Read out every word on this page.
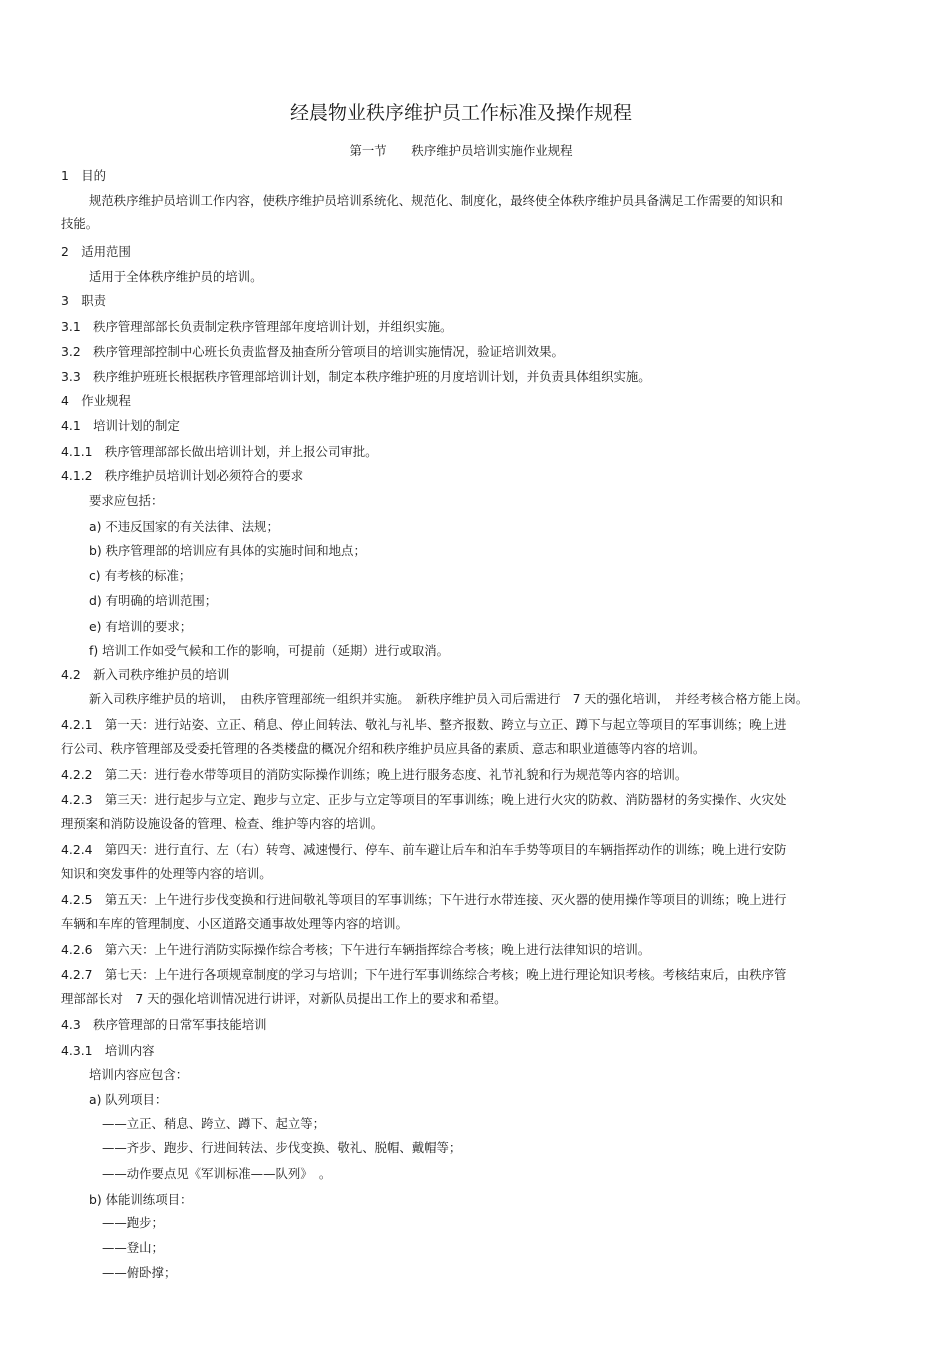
经晨物业秩序维护员工作标准及操作规程
第一节　　秩序维护员培训实施作业规程
1　目的
规范秩序维护员培训工作内容，使秩序维护员培训系统化、规范化、制度化，最终使全体秩序维护员具备满足工作需要的知识和
技能。
2　适用范围
适用于全体秩序维护员的培训。
3　职责
3.1　秩序管理部部长负责制定秩序管理部年度培训计划，并组织实施。
3.2　秩序管理部控制中心班长负责监督及抽查所分管项目的培训实施情况，验证培训效果。
3.3　秩序维护班班长根据秩序管理部培训计划，制定本秩序维护班的月度培训计划，并负责具体组织实施。
4　作业规程
4.1　培训计划的制定
4.1.1　秩序管理部部长做出培训计划，并上报公司审批。
4.1.2　秩序维护员培训计划必须符合的要求
要求应包括：
a) 不违反国家的有关法律、法规；
b) 秩序管理部的培训应有具体的实施时间和地点；
c) 有考核的标准；
d) 有明确的培训范围；
e) 有培训的要求；
f) 培训工作如受气候和工作的影响，可提前（延期）进行或取消。
4.2　新入司秩序维护员的培训
新入司秩序维护员的培训，　由秩序管理部统一组织并实施。　新秩序维护员入司后需进行　7 天的强化培训，　并经考核合格方能上岗。
4.2.1　第一天：进行站姿、立正、稍息、停止间转法、敬礼与礼毕、整齐报数、跨立与立正、蹲下与起立等项目的军事训练；晚上进
行公司、秩序管理部及受委托管理的各类楼盘的概况介绍和秩序维护员应具备的素质、意志和职业道德等内容的培训。
4.2.2　第二天：进行卷水带等项目的消防实际操作训练；晚上进行服务态度、礼节礼貌和行为规范等内容的培训。
4.2.3　第三天：进行起步与立定、跑步与立定、正步与立定等项目的军事训练；晚上进行火灾的防救、消防器材的务实操作、火灾处
理预案和消防设施设备的管理、检查、维护等内容的培训。
4.2.4　第四天：进行直行、左（右）转弯、减速慢行、停车、前车避让后车和泊车手势等项目的车辆指挥动作的训练；晚上进行安防
知识和突发事件的处理等内容的培训。
4.2.5　第五天：上午进行步伐变换和行进间敬礼等项目的军事训练；下午进行水带连接、灭火器的使用操作等项目的训练；晚上进行
车辆和车库的管理制度、小区道路交通事故处理等内容的培训。
4.2.6　第六天：上午进行消防实际操作综合考核；下午进行车辆指挥综合考核；晚上进行法律知识的培训。
4.2.7　第七天：上午进行各项规章制度的学习与培训；下午进行军事训练综合考核；晚上进行理论知识考核。考核结束后，由秩序管
理部部长对　7 天的强化培训情况进行讲评，对新队员提出工作上的要求和希望。
4.3　秩序管理部的日常军事技能培训
4.3.1　培训内容
培训内容应包含：
a) 队列项目：
——立正、稍息、跨立、蹲下、起立等；
——齐步、跑步、行进间转法、步伐变换、敬礼、脱帽、戴帽等；
——动作要点见《军训标准——队列》　。
b) 体能训练项目：
——跑步；
——登山；
——俯卧撑；
